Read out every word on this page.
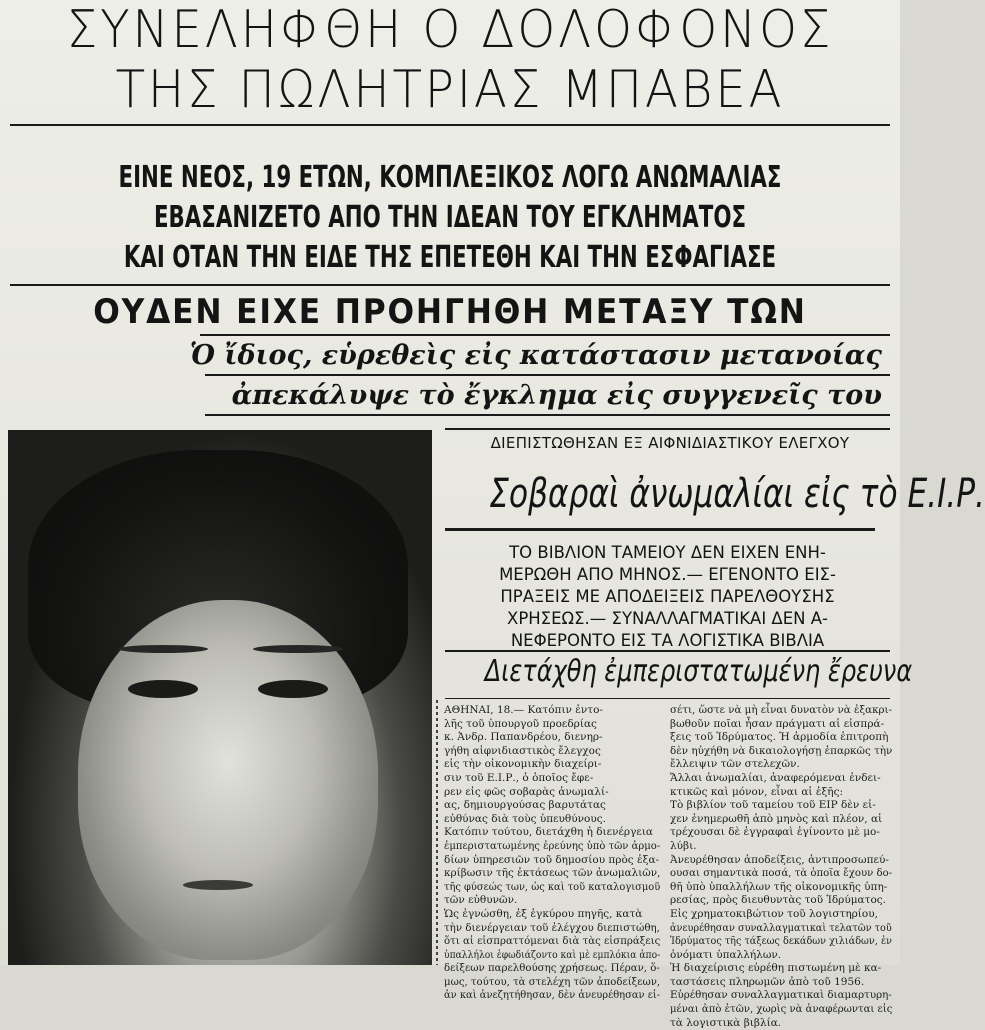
ΣΥΝΕΛΗΦΘΗ Ο ΔΟΛΟΦΟΝΟΣ
ΤΗΣ ΠΩΛΗΤΡΙΑΣ ΜΠΑΒΕΑ
ΕΙΝΕ ΝΕΟΣ, 19 ΕΤΩΝ, ΚΟΜΠΛΕΞΙΚΟΣ ΛΟΓΩ ΑΝΩΜΑΛΙΑΣ
ΕΒΑΣΑΝΙΖΕΤΟ ΑΠΟ ΤΗΝ ΙΔΕΑΝ ΤΟΥ ΕΓΚΛΗΜΑΤΟΣ
ΚΑΙ ΟΤΑΝ ΤΗΝ ΕΙΔΕ ΤΗΣ ΕΠΕΤΕΘΗ ΚΑΙ ΤΗΝ ΕΣΦΑΓΙΑΣΕ
ΟΥΔΕΝ ΕΙΧΕ ΠΡΟΗΓΗΘΗ ΜΕΤΑΞΥ ΤΩΝ
Ὁ ἴδιος, εὑρεθεὶς εἰς κατάστασιν μετανοίας
ἀπεκάλυψε τὸ ἔγκλημα εἰς συγγενεῖς του
ΔΙΕΠΙΣΤΩΘΗΣΑΝ ΕΞ ΑΙΦΝΙΔΙΑΣΤΙΚΟΥ ΕΛΕΓΧΟΥ
Σοβαραὶ ἀνωμαλίαι εἰς τὸ Ε.Ι.Ρ.
ΤΟ ΒΙΒΛΙΟΝ ΤΑΜΕΙΟΥ ΔΕΝ ΕΙΧΕΝ ΕΝΗ-
ΜΕΡΩΘΗ ΑΠΟ ΜΗΝΟΣ.— ΕΓΕΝΟΝΤΟ ΕΙΣ-
ΠΡΑΞΕΙΣ ΜΕ ΑΠΟΔΕΙΞΕΙΣ ΠΑΡΕΛΘΟΥΣΗΣ
ΧΡΗΣΕΩΣ.— ΣΥΝΑΛΛΑΓΜΑΤΙΚΑΙ ΔΕΝ Α-
ΝΕΦΕΡΟΝΤΟ ΕΙΣ ΤΑ ΛΟΓΙΣΤΙΚΑ ΒΙΒΛΙΑ
Διετάχθη ἐμπεριστατωμένη ἔρευνα
ΑΘΗΝΑΙ, 18.— Κατόπιν ἐντο-
λῆς τοῦ ὑπουργοῦ προεδρίας
κ. Ἀνδρ. Παπανδρέου, διενηρ-
γήθη αἰφνιδιαστικὸς ἔλεγχος
εἰς τὴν οἰκονομικὴν διαχείρι-
σιν τοῦ Ε.Ι.Ρ., ὁ ὁποῖος ἔφε-
ρεν εἰς φῶς σοβαρὰς ἀνωμαλί-
ας, δημιουργούσας βαρυτάτας
εὐθύνας διὰ τοὺς ὑπευθύνους.
Κατόπιν τούτου, διετάχθη ἡ διενέργεια
ἐμπεριστατωμένης ἐρεύνης ὑπὸ τῶν ἁρμο-
δίων ὑπηρεσιῶν τοῦ δημοσίου πρὸς ἐξα-
κρίβωσιν τῆς ἐκτάσεως τῶν ἀνωμαλιῶν,
τῆς φύσεώς των, ὡς καὶ τοῦ καταλογισμοῦ
τῶν εὐθυνῶν.
Ὡς ἐγνώσθη, ἐξ ἐγκύρου πηγῆς, κατὰ
τὴν διενέργειαν τοῦ ἐλέγχου διεπιστώθη,
ὅτι αἱ εἰσπραττόμεναι διὰ τὰς εἰσπράξεις
ὑπαλλήλοι ἐφωδιάζοντο καὶ μὲ εμπλόκια ἀπο-
δείξεων παρελθούσης χρήσεως. Πέραν, ὅ-
μως, τούτου, τὰ στελέχη τῶν ἀποδείξεων,
ἀν καὶ ἀνεζητήθησαν, δὲν ἀνευρέθησαν εἰ-
σέτι, ὥστε νὰ μὴ εἶναι δυνατὸν νὰ ἐξακρι-
βωθοῦν ποῖαι ἦσαν πράγματι αἱ εἰσπρά-
ξεις τοῦ Ἱδρύματος. Ἡ ἁρμοδία ἐπιτροπὴ
δὲν ηὐχήθη νὰ δικαιολογήσῃ ἐπαρκῶς τὴν
ἔλλειψιν τῶν στελεχῶν.
Ἄλλαι ἀνωμαλίαι, ἀναφερόμεναι ἐνδει-
κτικῶς καὶ μόνον, εἶναι αἱ ἑξῆς:
Τὸ βιβλίον τοῦ ταμείου τοῦ ΕΙΡ δὲν εἰ-
χεν ἐνημερωθῆ ἀπὸ μηνὸς καὶ πλέον, αἱ
τρέχουσαι δὲ ἐγγραφαὶ ἐγίνοντο μὲ μο-
λύβι.
Ἀνευρέθησαν ἀποδείξεις, ἀντιπροσωπεύ-
ουσαι σημαντικὰ ποσά, τὰ ὁποῖα ἔχουν δο-
θῆ ὑπὸ ὑπαλλήλων τῆς οἰκονομικῆς ὑπη-
ρεσίας, πρὸς διευθυντὰς τοῦ Ἱδρύματος.
Εἰς χρηματοκιβώτιον τοῦ λογιστηρίου,
ἀνευρέθησαν συναλλαγματικαὶ τελατῶν τοῦ
Ἱδρύματος τῆς τάξεως δεκάδων χιλιάδων, ἐν
ὀνόματι ὑπαλλήλων.
Ἡ διαχείρισις εὑρέθη πιστωμένη μὲ κα-
ταστάσεις πληρωμῶν ἀπὸ τοῦ 1956.
Εὑρέθησαν συναλλαγματικαὶ διαμαρτυρη-
μέναι ἀπὸ ἐτῶν, χωρὶς νὰ ἀναφέρωνται εἰς
τὰ λογιστικὰ βιβλία.
